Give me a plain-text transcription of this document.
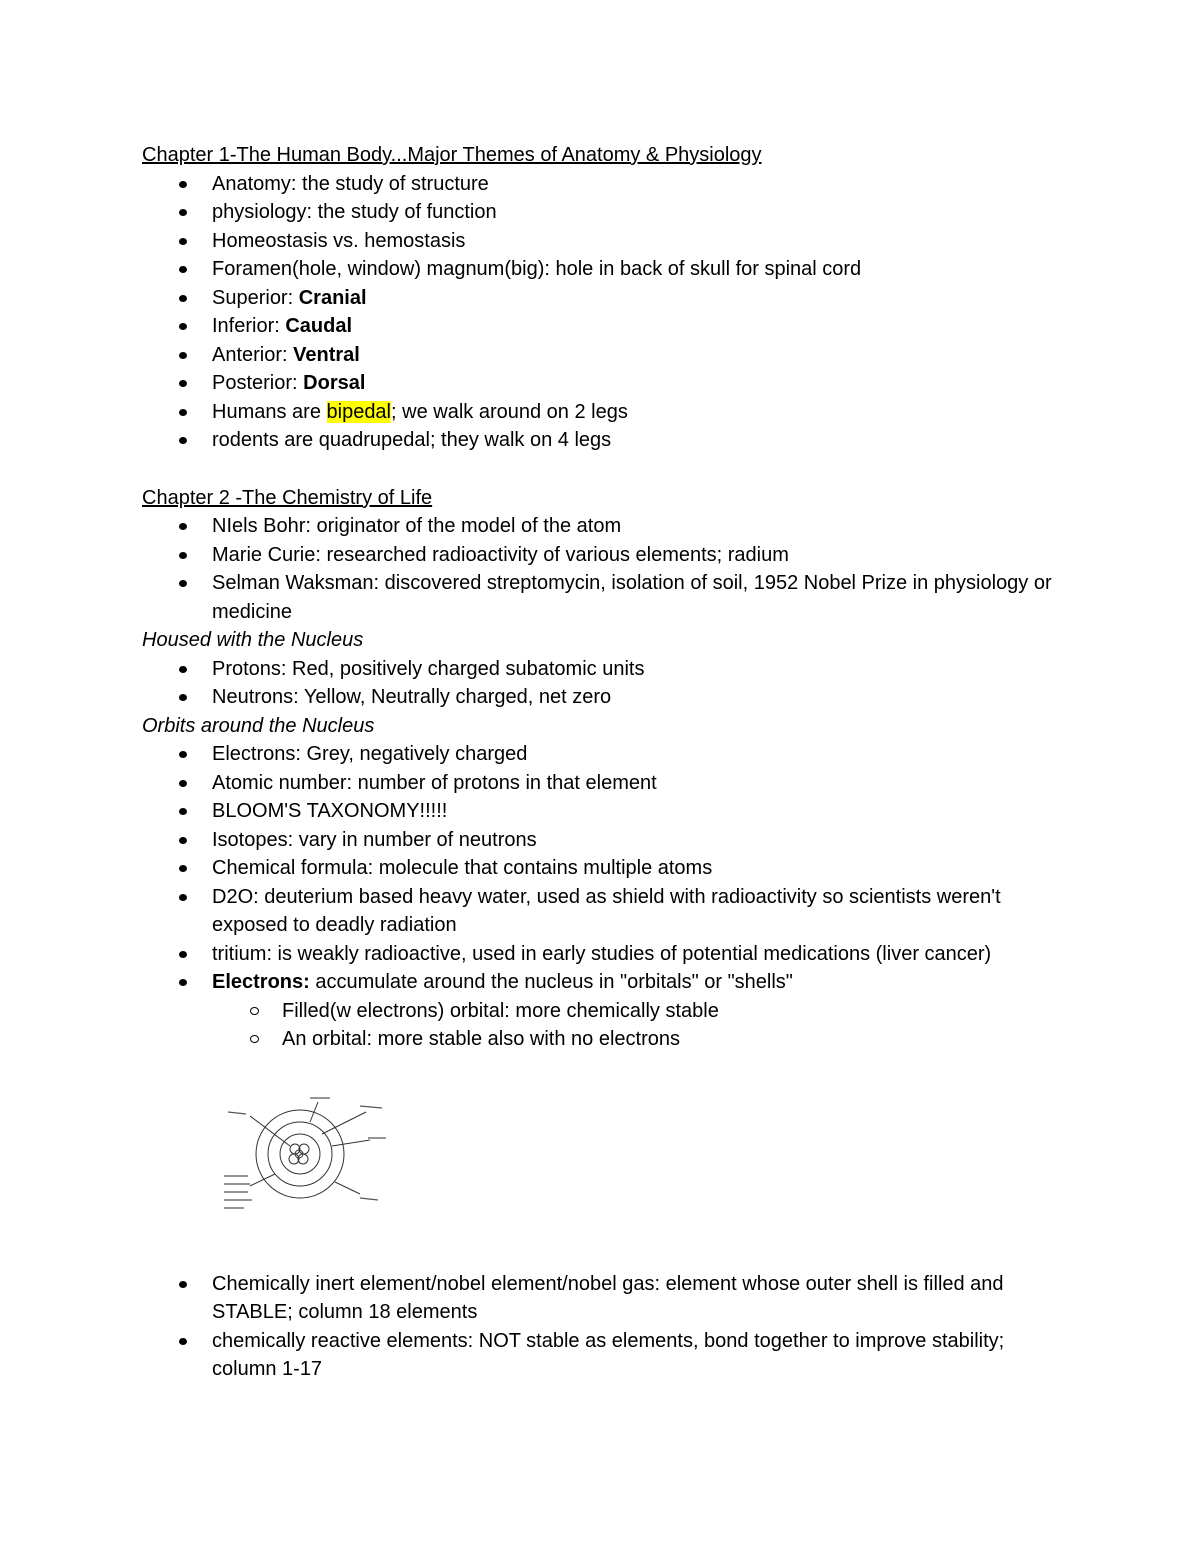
Chapter 1-The Human Body...Major Themes of Anatomy & Physiology

Anatomy: the study of structure
physiology: the study of function
Homeostasis vs. hemostasis
Foramen(hole, window) magnum(big): hole in back of skull for spinal cord
Superior: Cranial
Inferior: Caudal
Anterior: Ventral
Posterior: Dorsal
Humans are bipedal; we walk around on 2 legs
rodents are quadrupedal; they walk on 4 legs

Chapter 2 -The Chemistry of Life

NIels Bohr: originator of the model of the atom
Marie Curie: researched radioactivity of various elements; radium
Selman Waksman: discovered streptomycin, isolation of soil, 1952 Nobel Prize in physiology or medicine

Housed with the Nucleus

Protons: Red, positively charged subatomic units
Neutrons: Yellow, Neutrally charged, net zero

Orbits around the Nucleus

Electrons: Grey, negatively charged
Atomic number: number of protons in that element
BLOOM'S TAXONOMY!!!!!
Isotopes: vary in number of neutrons
Chemical formula: molecule that contains multiple atoms
D2O: deuterium based heavy water, used as shield with radioactivity so scientists weren't exposed to deadly radiation
tritium: is weakly radioactive, used in early studies of potential medications (liver cancer)
Electrons: accumulate around the nucleus in "orbitals" or "shells"
Filled(w electrons) orbital: more chemically stable
An orbital: more stable also with no electrons
Chemically inert element/nobel element/nobel gas: element whose outer shell is filled and STABLE; column 18 elements
chemically reactive elements: NOT stable as elements, bond together to improve stability; column 1-17
